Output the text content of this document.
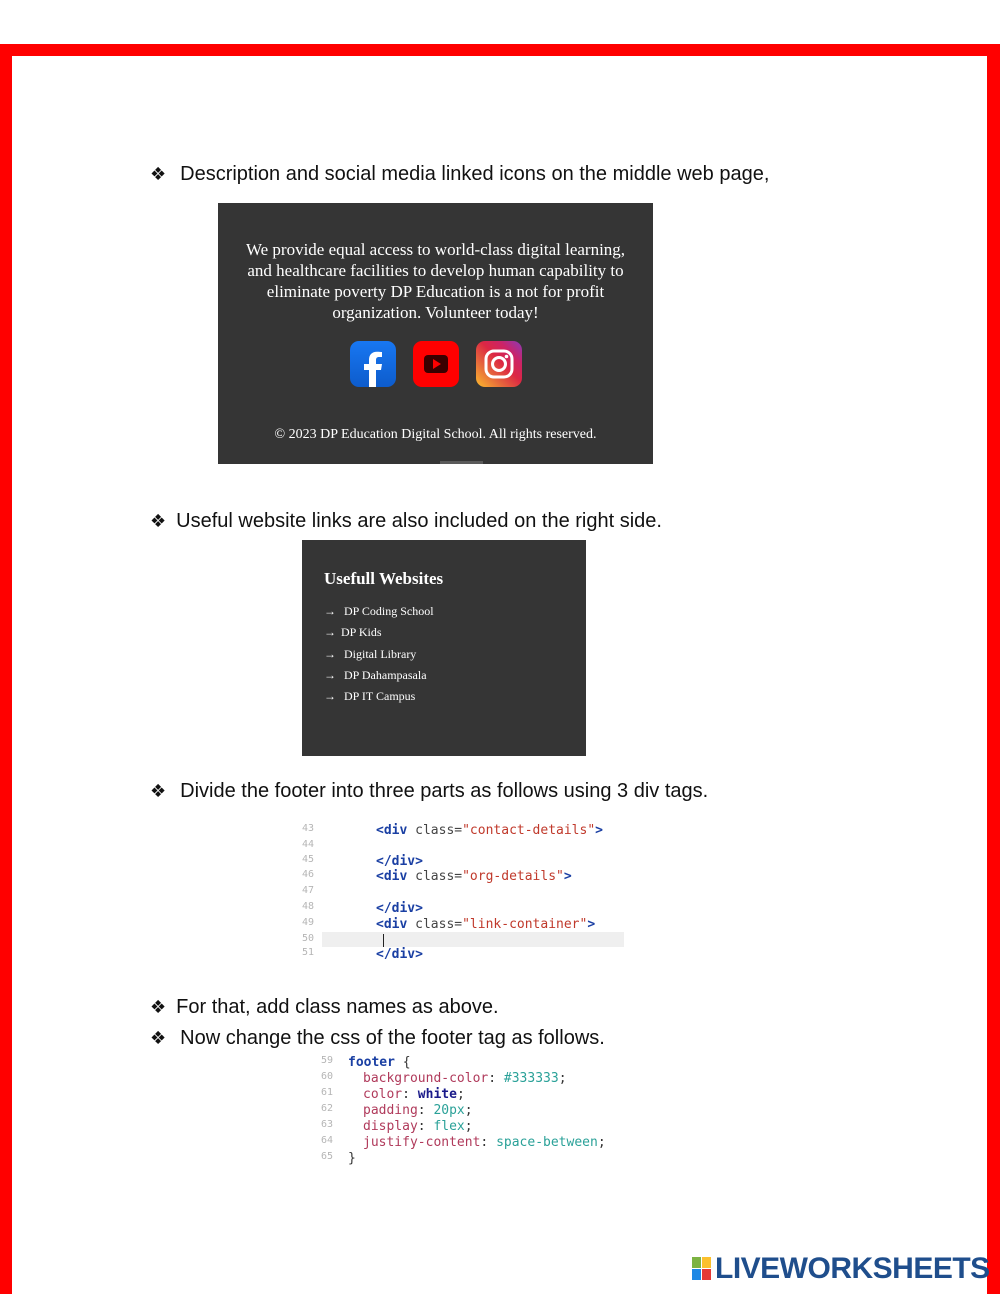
❖ Description and social media linked icons on the middle web page,
We provide equal access to world-class digital learning, and healthcare facilities to develop human capability to eliminate poverty DP Education is a not for profit organization. Volunteer today!
© 2023 DP Education Digital School. All rights reserved.
❖ Useful website links are also included on the right side.
Usefull Websites
→ DP Coding School
→ DP Kids
→ Digital Library
→ DP Dahampasala
→ DP IT Campus
❖ Divide the footer into three parts as follows using 3 div tags.
43	<div class="contact-details">
44
45	</div>
46	<div class="org-details">
47
48	</div>
49	<div class="link-container">
50
51	</div>
❖ For that, add class names as above.
❖ Now change the css of the footer tag as follows.
59 footer {
60 background-color: #333333;
61 color: white;
62 padding: 20px;
63 display: flex;
64 justify-content: space-between;
65 }
LIVEWORKSHEETS
